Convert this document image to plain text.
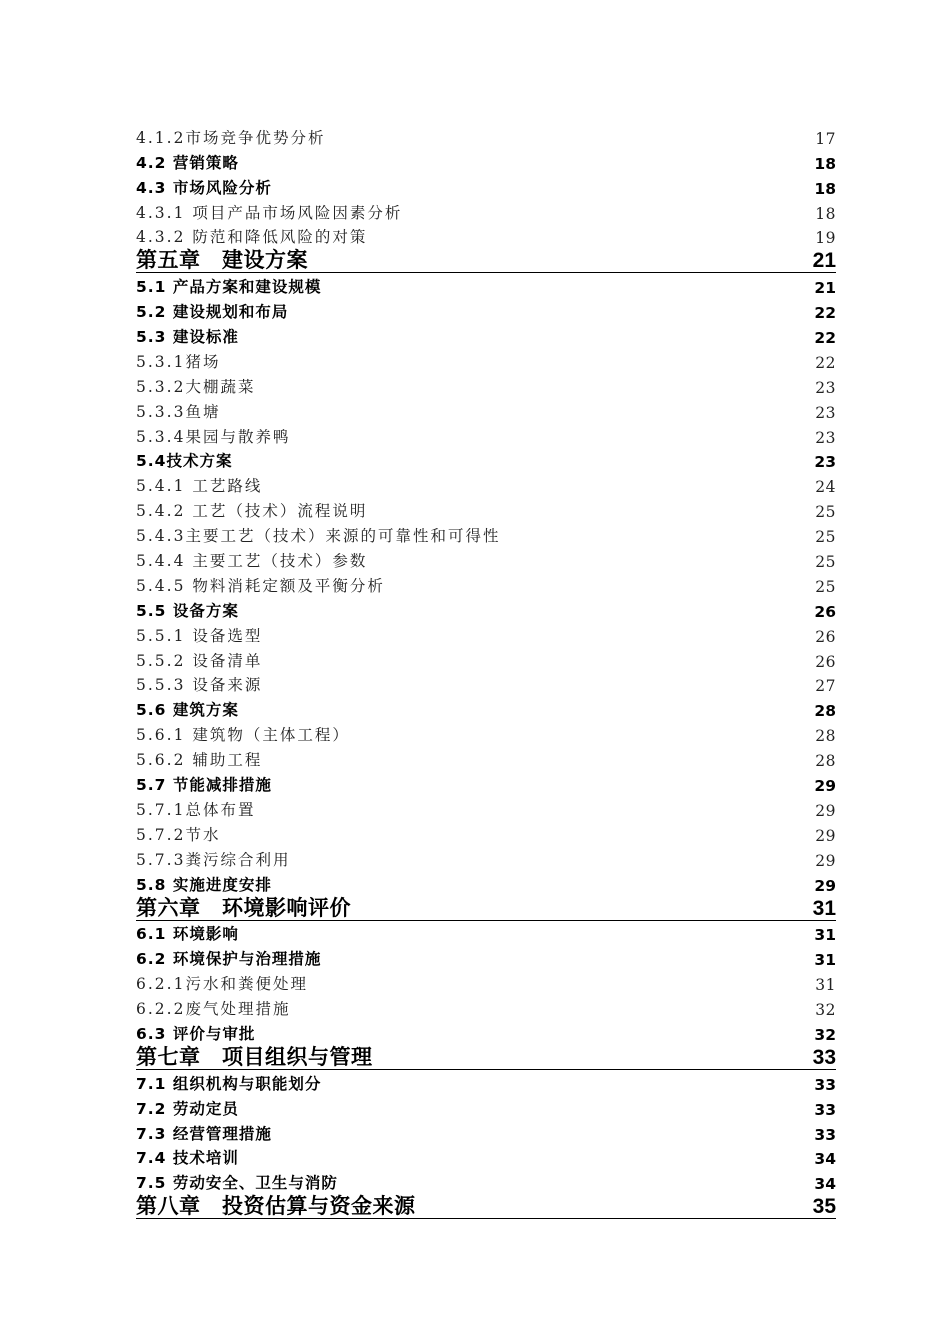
4.1.2市场竞争优势分析	17
4.2 营销策略	18
4.3 市场风险分析	18
4.3.1 项目产品市场风险因素分析	18
4.3.2 防范和降低风险的对策	19
第五章　建设方案	21
5.1 产品方案和建设规模	21
5.2 建设规划和布局	22
5.3 建设标准	22
5.3.1猪场	22
5.3.2大棚蔬菜	23
5.3.3鱼塘	23
5.3.4果园与散养鸭	23
5.4技术方案	23
5.4.1 工艺路线	24
5.4.2 工艺（技术）流程说明	25
5.4.3主要工艺（技术）来源的可靠性和可得性	25
5.4.4 主要工艺（技术）参数	25
5.4.5 物料消耗定额及平衡分析	25
5.5 设备方案	26
5.5.1 设备选型	26
5.5.2 设备清单	26
5.5.3 设备来源	27
5.6 建筑方案	28
5.6.1 建筑物（主体工程）	28
5.6.2 辅助工程	28
5.7 节能减排措施	29
5.7.1总体布置	29
5.7.2节水	29
5.7.3粪污综合利用	29
5.8 实施进度安排	29
第六章　环境影响评价	31
6.1 环境影响	31
6.2 环境保护与治理措施	31
6.2.1污水和粪便处理	31
6.2.2废气处理措施	32
6.3 评价与审批	32
第七章　项目组织与管理	33
7.1 组织机构与职能划分	33
7.2 劳动定员	33
7.3 经营管理措施	33
7.4 技术培训	34
7.5 劳动安全、卫生与消防	34
第八章　投资估算与资金来源	35
